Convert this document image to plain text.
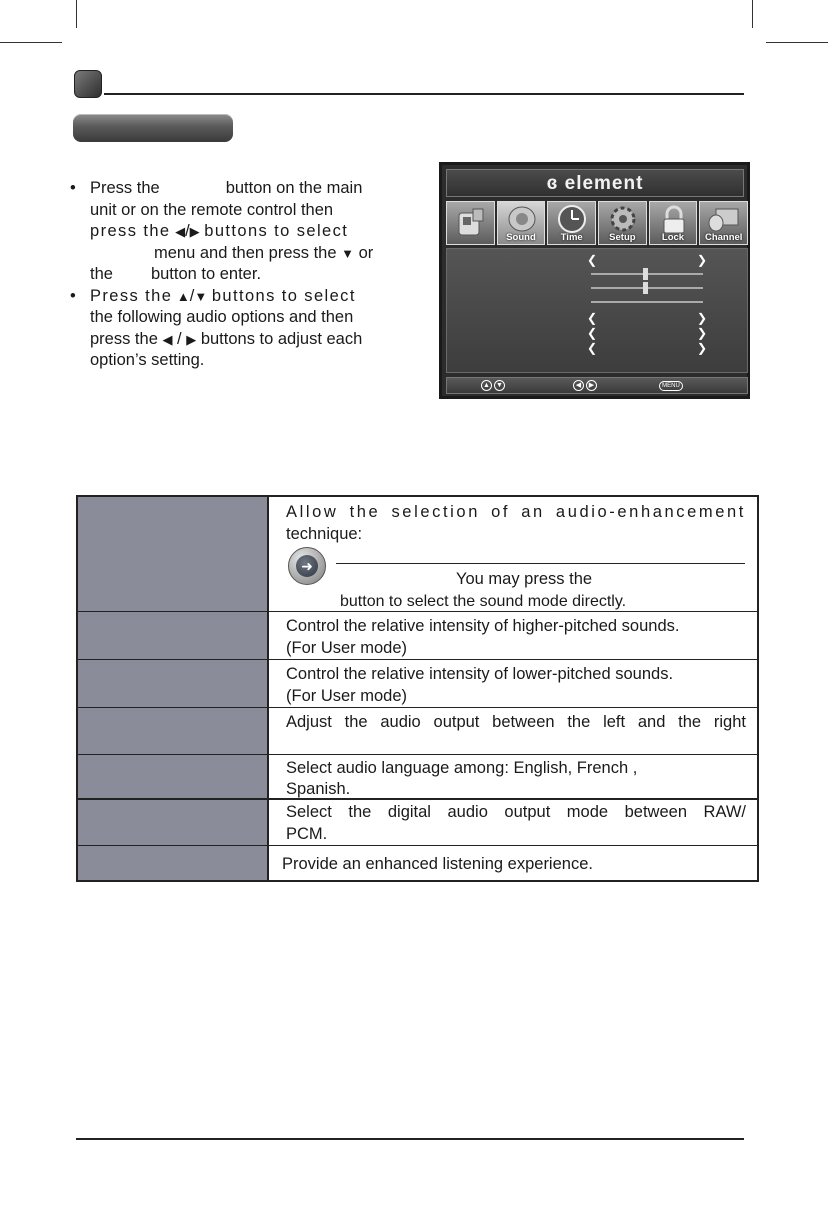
• Press the	button on the main
unit or on the remote control then
press the ◀/▶ buttons to select
menu and then press the ▼ or
the button to enter.
• Press the ▲/▼ buttons to select
the following audio options and then
press the ◀ / ▶ buttons to adjust each
option’s setting.
ɞ element
Sound	Time	Setup	Lock	Channel
❮	❯
❮	❯
❮	❯
❮	❯
▲ ▼	◀	▶	MENU
Allow the selection of an audio-enhancement
technique:
➜
You may press the
button to select the sound mode directly.
Control the relative intensity of higher-pitched sounds.
(For User mode)
Control the relative intensity of lower-pitched sounds.
(For User mode)
Adjust the audio output between the left and the right
Select audio language among: English, French ,
Spanish.
Select the digital audio output mode between RAW/
PCM.
Provide an enhanced listening experience.
